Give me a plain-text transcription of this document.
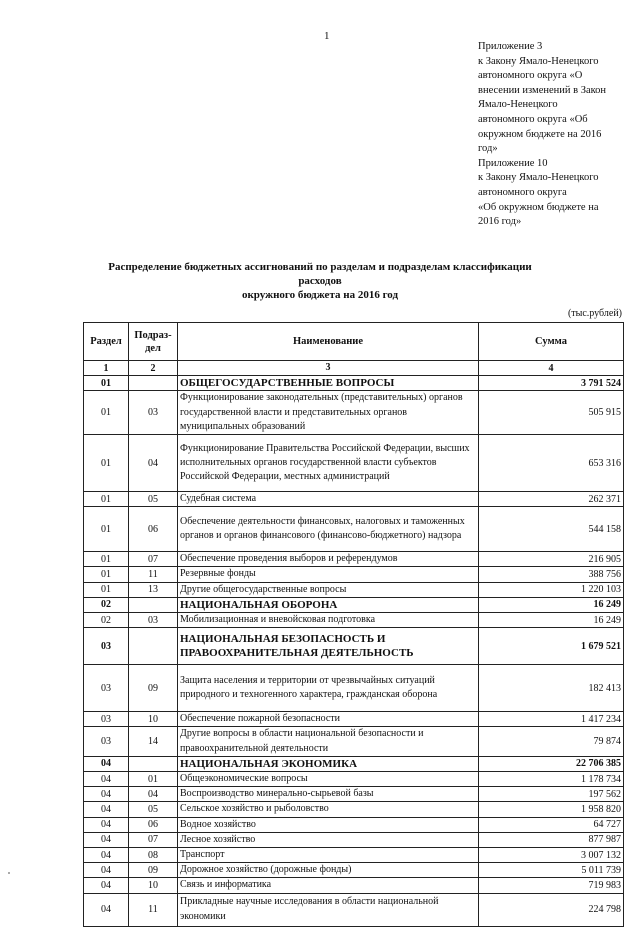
1
Приложение 3
к Закону Ямало-Ненецкого
автономного округа «О
внесении изменений в Закон
Ямало-Ненецкого
автономного округа «Об
окружном бюджете на 2016
год»
Приложение 10
к Закону Ямало-Ненецкого
автономного округа
«Об окружном бюджете на
2016 год»
Распределение бюджетных ассигнований по разделам и подразделам классификации расходов
окружного бюджета на 2016 год
(тыс.рублей)
Раздел	Подраз-дел	Наименование	Сумма
1	2	3	4
01		ОБЩЕГОСУДАРСТВЕННЫЕ ВОПРОСЫ	3 791 524
01	03	Функционирование законодательных (представительных) органов государственной власти и представительных органов муниципальных образований	505 915
01	04	Функционирование Правительства Российской Федерации, высших исполнительных органов государственной власти субъектов Российской Федерации, местных администраций	653 316
01	05	Судебная система	262 371
01	06	Обеспечение деятельности финансовых, налоговых и таможенных органов и органов финансового (финансово-бюджетного) надзора	544 158
01	07	Обеспечение проведения выборов и референдумов	216 905
01	11	Резервные фонды	388 756
01	13	Другие общегосударственные вопросы	1 220 103
02		НАЦИОНАЛЬНАЯ ОБОРОНА	16 249
02	03	Мобилизационная и вневойсковая подготовка	16 249
03		НАЦИОНАЛЬНАЯ БЕЗОПАСНОСТЬ И ПРАВООХРАНИТЕЛЬНАЯ ДЕЯТЕЛЬНОСТЬ	1 679 521
03	09	Защита населения и территории от чрезвычайных ситуаций природного и техногенного характера, гражданская оборона	182 413
03	10	Обеспечение пожарной безопасности	1 417 234
03	14	Другие вопросы в области национальной безопасности и правоохранительной деятельности	79 874
04		НАЦИОНАЛЬНАЯ ЭКОНОМИКА	22 706 385
04	01	Общеэкономические вопросы	1 178 734
04	04	Воспроизводство минерально-сырьевой базы	197 562
04	05	Сельское хозяйство и рыболовство	1 958 820
04	06	Водное хозяйство	64 727
04	07	Лесное хозяйство	877 987
04	08	Транспорт	3 007 132
04	09	Дорожное хозяйство (дорожные фонды)	5 011 739
04	10	Связь и информатика	719 983
04	11	Прикладные научные исследования в области национальной экономики	224 798
